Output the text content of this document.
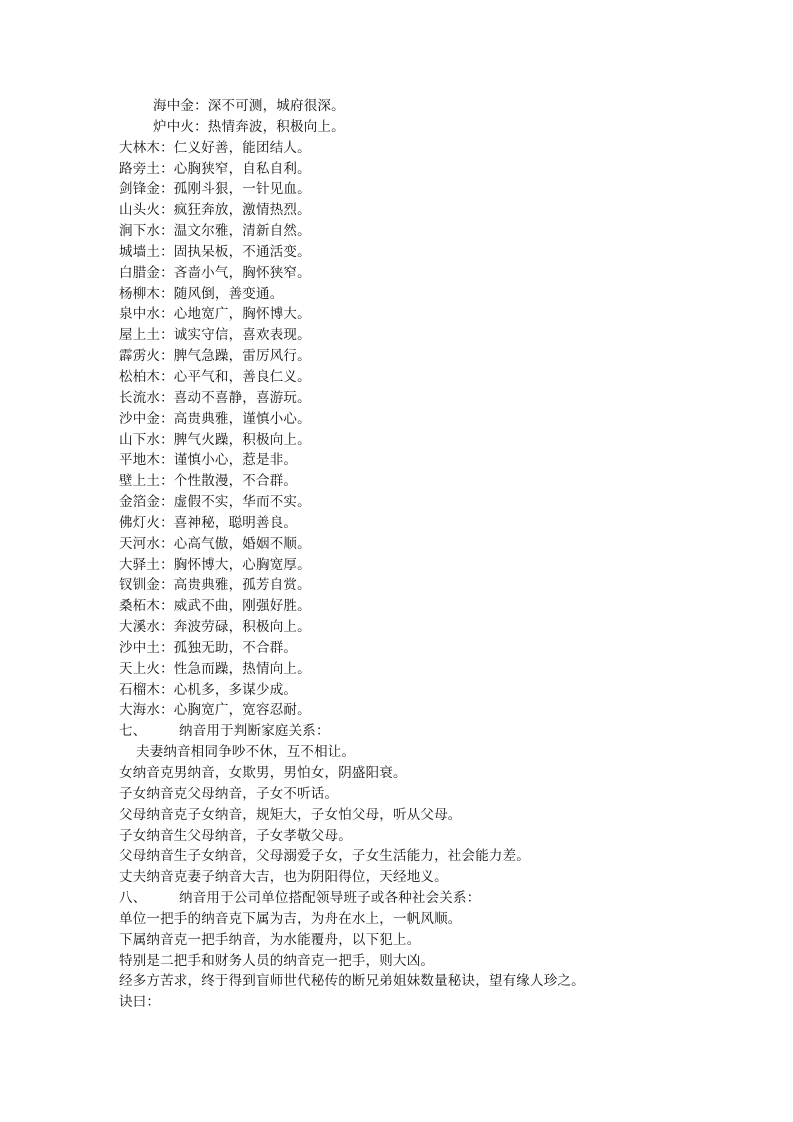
海中金：深不可测，城府很深。
炉中火：热情奔波，积极向上。
大林木：仁义好善，能团结人。
路旁土：心胸狭窄，自私自利。
剑锋金：孤刚斗狠，一针见血。
山头火：疯狂奔放，激情热烈。
涧下水：温文尔雅，清新自然。
城墙土：固执呆板，不通活变。
白腊金：吝啬小气，胸怀狭窄。
杨柳木：随风倒，善变通。
泉中水：心地宽广，胸怀博大。
屋上土：诚实守信，喜欢表现。
霹雳火：脾气急躁，雷厉风行。
松柏木：心平气和，善良仁义。
长流水：喜动不喜静，喜游玩。
沙中金：高贵典雅，谨慎小心。
山下水：脾气火躁，积极向上。
平地木：谨慎小心，惹是非。
壁上土：个性散漫，不合群。
金箔金：虚假不实，华而不实。
佛灯火：喜神秘，聪明善良。
天河水：心高气傲，婚姻不顺。
大驿土：胸怀博大，心胸宽厚。
钗钏金：高贵典雅，孤芳自赏。
桑柘木：威武不曲，刚强好胜。
大溪水：奔波劳碌，积极向上。
沙中土：孤独无助，不合群。
天上火：性急而躁，热情向上。
石榴木：心机多，多谋少成。
大海水：心胸宽广，宽容忍耐。
七、 纳音用于判断家庭关系：
夫妻纳音相同争吵不休，互不相让。
女纳音克男纳音，女欺男，男怕女，阴盛阳衰。
子女纳音克父母纳音，子女不听话。
父母纳音克子女纳音，规矩大，子女怕父母，听从父母。
子女纳音生父母纳音，子女孝敬父母。
父母纳音生子女纳音，父母溺爱子女，子女生活能力，社会能力差。
丈夫纳音克妻子纳音大吉，也为阴阳得位，天经地义。
八、 纳音用于公司单位搭配领导班子或各种社会关系：
单位一把手的纳音克下属为吉，为舟在水上，一帆风顺。
下属纳音克一把手纳音，为水能覆舟，以下犯上。
特别是二把手和财务人员的纳音克一把手，则大凶。
经多方苦求，终于得到盲师世代秘传的断兄弟姐妹数量秘诀，望有缘人珍之。
诀曰：
